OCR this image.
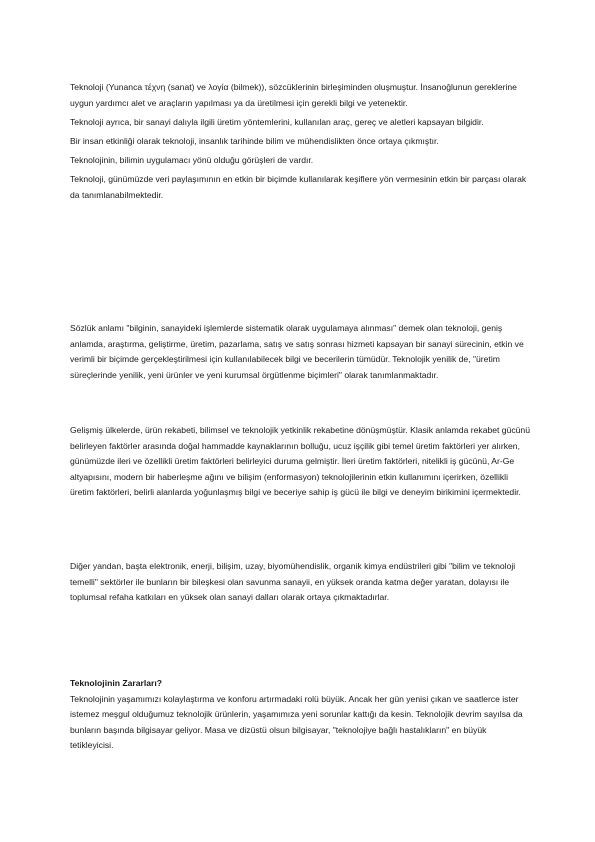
Teknoloji (Yunanca τέχνη (sanat) ve λογία (bilmek)), sözcüklerinin birleşiminden oluşmuştur. İnsanoğlunun gereklerine uygun yardımcı alet ve araçların yapılması ya da üretilmesi için gerekli bilgi ve yetenektir.

Teknoloji ayrıca, bir sanayi dalıyla ilgili üretim yöntemlerini, kullanılan araç, gereç ve aletleri kapsayan bilgidir.

Bir insan etkinliği olarak teknoloji, insanlık tarihinde bilim ve mühendislikten önce ortaya çıkmıştır.

Teknolojinin, bilimin uygulamacı yönü olduğu görüşleri de vardır.

Teknoloji, günümüzde veri paylaşımının en etkin bir biçimde kullanılarak keşiflere yön vermesinin etkin bir parçası olarak da tanımlanabilmektedir.

Sözlük anlamı "bilginin, sanayideki işlemlerde sistematik olarak uygulamaya alınması" demek olan teknoloji, geniş anlamda, araştırma, geliştirme, üretim, pazarlama, satış ve satış sonrası hizmeti kapsayan bir sanayi sürecinin, etkin ve verimli bir biçimde gerçekleştirilmesi için kullanılabilecek bilgi ve becerilerin tümüdür. Teknolojik yenilik de, "üretim süreçlerinde yenilik, yeni ürünler ve yeni kurumsal örgütlenme biçimleri" olarak tanımlanmaktadır.

Gelişmiş ülkelerde, ürün rekabeti, bilimsel ve teknolojik yetkinlik rekabetine dönüşmüştür. Klasik anlamda rekabet gücünü belirleyen faktörler arasında doğal hammadde kaynaklarının bolluğu, ucuz işçilik gibi temel üretim faktörleri yer alırken, günümüzde ileri ve özellikli üretim faktörleri belirleyici duruma gelmiştir. İleri üretim faktörleri, nitelikli iş gücünü, Ar-Ge altyapısını, modern bir haberleşme ağını ve bilişim (enformasyon) teknolojilerinin etkin kullanımını içerirken, özellikli üretim faktörleri, belirli alanlarda yoğunlaşmış bilgi ve beceriye sahip iş gücü ile bilgi ve deneyim birikimini içermektedir.

Diğer yandan, başta elektronik, enerji, bilişim, uzay, biyomühendislik, organik kimya endüstrileri gibi "bilim ve teknoloji temelli" sektörler ile bunların bir bileşkesi olan savunma sanayii, en yüksek oranda katma değer yaratan, dolayısı ile toplumsal refaha katkıları en yüksek olan sanayi dalları olarak ortaya çıkmaktadırlar.

Teknolojinin Zararları?

Teknolojinin yaşamımızı kolaylaştırma ve konforu artırmadaki rolü büyük. Ancak her gün yenisi çıkan ve saatlerce ister istemez meşgul olduğumuz teknolojik ürünlerin, yaşamımıza yeni sorunlar kattığı da kesin. Teknolojik devrim sayılsa da bunların başında bilgisayar geliyor. Masa ve dizüstü olsun bilgisayar, "teknolojiye bağlı hastalıkların" en büyük tetikleyicisi.
